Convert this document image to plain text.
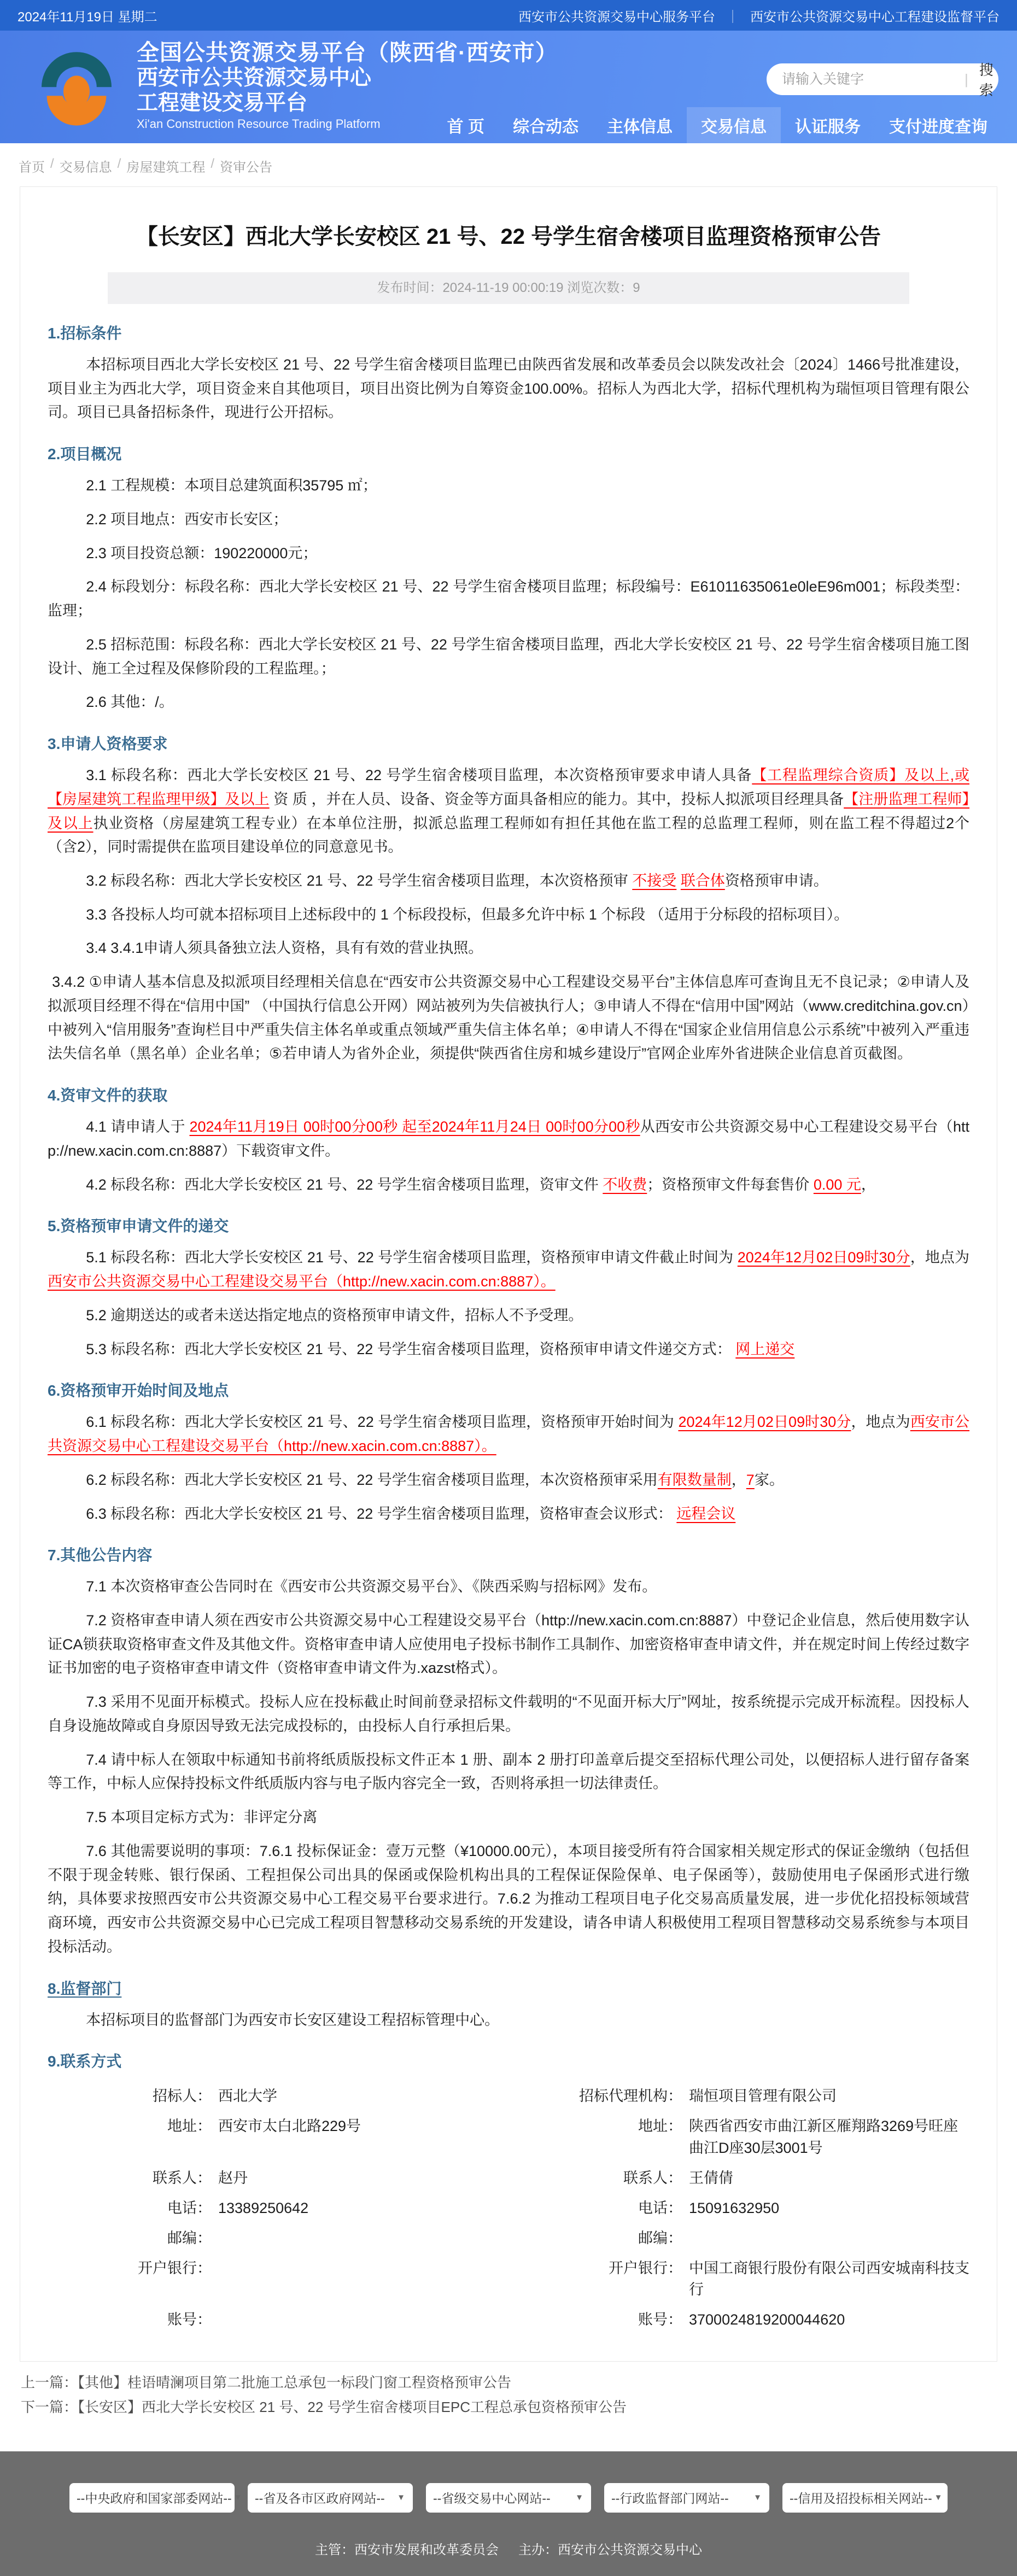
2024年11月19日 星期二	西安市公共资源交易中心服务平台 ｜ 西安市公共资源交易中心工程建设监督平台
全国公共资源交易平台（陕西省·西安市）
西安市公共资源交易中心
工程建设交易平台
Xi'an Construction Resource Trading Platform
请输入关键字
|
搜索
首 页	综合动态	主体信息	交易信息	认证服务	支付进度查询
首页 / 交易信息 / 房屋建筑工程 / 资审公告
【长安区】西北大学长安校区 21 号、22 号学生宿舍楼项目监理资格预审公告
发布时间：2024-11-19 00:00:19 浏览次数：9
1.招标条件

本招标项目西北大学长安校区 21 号、22 号学生宿舍楼项目监理已由陕西省发展和改革委员会以陕发改社会〔2024〕1466号批准建设，项目业主为西北大学，项目资金来自其他项目，项目出资比例为自筹资金100.00%。招标人为西北大学，招标代理机构为瑞恒项目管理有限公司。项目已具备招标条件，现进行公开招标。

2.项目概况

2.1 工程规模：本项目总建筑面积35795 ㎡；

2.2 项目地点：西安市长安区；

2.3 项目投资总额：190220000元；

2.4 标段划分：标段名称：西北大学长安校区 21 号、22 号学生宿舍楼项目监理；标段编号：E61011635061e0leE96m001；标段类型：监理；

2.5 招标范围：标段名称：西北大学长安校区 21 号、22 号学生宿舍楼项目监理，西北大学长安校区 21 号、22 号学生宿舍楼项目施工图设计、施工全过程及保修阶段的工程监理。；

2.6 其他：/。

3.申请人资格要求

3.1 标段名称：西北大学长安校区 21 号、22 号学生宿舍楼项目监理，本次资格预审要求申请人具备【工程监理综合资质】及以上,或【房屋建筑工程监理甲级】及以上 资 质 ，并在人员、设备、资金等方面具备相应的能力。其中，投标人拟派项目经理具备【注册监理工程师】及以上执业资格（房屋建筑工程专业）在本单位注册，拟派总监理工程师如有担任其他在监工程的总监理工程师，则在监工程不得超过2个（含2），同时需提供在监项目建设单位的同意意见书。

3.2 标段名称：西北大学长安校区 21 号、22 号学生宿舍楼项目监理，本次资格预审 不接受 联合体资格预审申请。

3.3 各投标人均可就本招标项目上述标段中的 1 个标段投标，但最多允许中标 1 个标段 （适用于分标段的招标项目）。

3.4 3.4.1申请人须具备独立法人资格，具有有效的营业执照。

3.4.2 ①申请人基本信息及拟派项目经理相关信息在“西安市公共资源交易中心工程建设交易平台”主体信息库可查询且无不良记录；②申请人及拟派项目经理不得在“信用中国” （中国执行信息公开网）网站被列为失信被执行人；③申请人不得在“信用中国”网站（www.creditchina.gov.cn）中被列入“信用服务”查询栏目中严重失信主体名单或重点领域严重失信主体名单；④申请人不得在“国家企业信用信息公示系统”中被列入严重违法失信名单（黑名单）企业名单；⑤若申请人为省外企业，须提供“陕西省住房和城乡建设厅”官网企业库外省进陕企业信息首页截图。

4.资审文件的获取

4.1 请申请人于 2024年11月19日 00时00分00秒 起至2024年11月24日 00时00分00秒从西安市公共资源交易中心工程建设交易平台（http://new.xacin.com.cn:8887）下载资审文件。

4.2 标段名称：西北大学长安校区 21 号、22 号学生宿舍楼项目监理，资审文件 不收费；资格预审文件每套售价 0.00 元，

5.资格预审申请文件的递交

5.1 标段名称：西北大学长安校区 21 号、22 号学生宿舍楼项目监理，资格预审申请文件截止时间为 2024年12月02日09时30分，地点为西安市公共资源交易中心工程建设交易平台（http://new.xacin.com.cn:8887）。

5.2 逾期送达的或者未送达指定地点的资格预审申请文件，招标人不予受理。

5.3 标段名称：西北大学长安校区 21 号、22 号学生宿舍楼项目监理，资格预审申请文件递交方式： 网上递交

6.资格预审开始时间及地点

6.1 标段名称：西北大学长安校区 21 号、22 号学生宿舍楼项目监理，资格预审开始时间为 2024年12月02日09时30分，地点为西安市公共资源交易中心工程建设交易平台（http://new.xacin.com.cn:8887）。

6.2 标段名称：西北大学长安校区 21 号、22 号学生宿舍楼项目监理，本次资格预审采用有限数量制，7家。

6.3 标段名称：西北大学长安校区 21 号、22 号学生宿舍楼项目监理，资格审查会议形式： 远程会议

7.其他公告内容

7.1 本次资格审查公告同时在《西安市公共资源交易平台》、《陕西采购与招标网》发布。

7.2 资格审查申请人须在西安市公共资源交易中心工程建设交易平台（http://new.xacin.com.cn:8887）中登记企业信息，然后使用数字认证CA锁获取资格审查文件及其他文件。资格审查申请人应使用电子投标书制作工具制作、加密资格审查申请文件，并在规定时间上传经过数字证书加密的电子资格审查申请文件（资格审查申请文件为.xazst格式）。

7.3 采用不见面开标模式。投标人应在投标截止时间前登录招标文件载明的“不见面开标大厅”网址，按系统提示完成开标流程。因投标人自身设施故障或自身原因导致无法完成投标的，由投标人自行承担后果。

7.4 请中标人在领取中标通知书前将纸质版投标文件正本 1 册、副本 2 册打印盖章后提交至招标代理公司处，以便招标人进行留存备案等工作，中标人应保持投标文件纸质版内容与电子版内容完全一致，否则将承担一切法律责任。

7.5 本项目定标方式为：非评定分离

7.6 其他需要说明的事项：7.6.1 投标保证金：壹万元整（¥10000.00元），本项目接受所有符合国家相关规定形式的保证金缴纳（包括但不限于现金转账、银行保函、工程担保公司出具的保函或保险机构出具的工程保证保险保单、电子保函等），鼓励使用电子保函形式进行缴纳，具体要求按照西安市公共资源交易中心工程交易平台要求进行。7.6.2 为推动工程项目电子化交易高质量发展，进一步优化招投标领域营商环境，西安市公共资源交易中心已完成工程项目智慧移动交易系统的开发建设，请各申请人积极使用工程项目智慧移动交易系统参与本项目投标活动。

8.监督部门

本招标项目的监督部门为西安市长安区建设工程招标管理中心。

9.联系方式
招标人： 西北大学	招标代理机构： 瑞恒项目管理有限公司
地址： 西安市太白北路229号	地址： 陕西省西安市曲江新区雁翔路3269号旺座曲江D座30层3001号
联系人： 赵丹	联系人： 王倩倩
电话： 13389250642	电话： 15091632950
邮编：	邮编：
开户银行：	开户银行： 中国工商银行股份有限公司西安城南科技支行
账号：	账号： 3700024819200044620
上一篇：【其他】桂语晴澜项目第二批施工总承包一标段门窗工程资格预审公告
下一篇：【长安区】西北大学长安校区 21 号、22 号学生宿舍楼项目EPC工程总承包资格预审公告
--中央政府和国家部委网站-- ▼ --省及各市区政府网站-- ▼ --省级交易中心网站--	▼ --行政监督部门网站--	▼ --信用及招投标相关网站-- ▼
主管：西安市发展和改革委员会 主办：西安市公共资源交易中心
